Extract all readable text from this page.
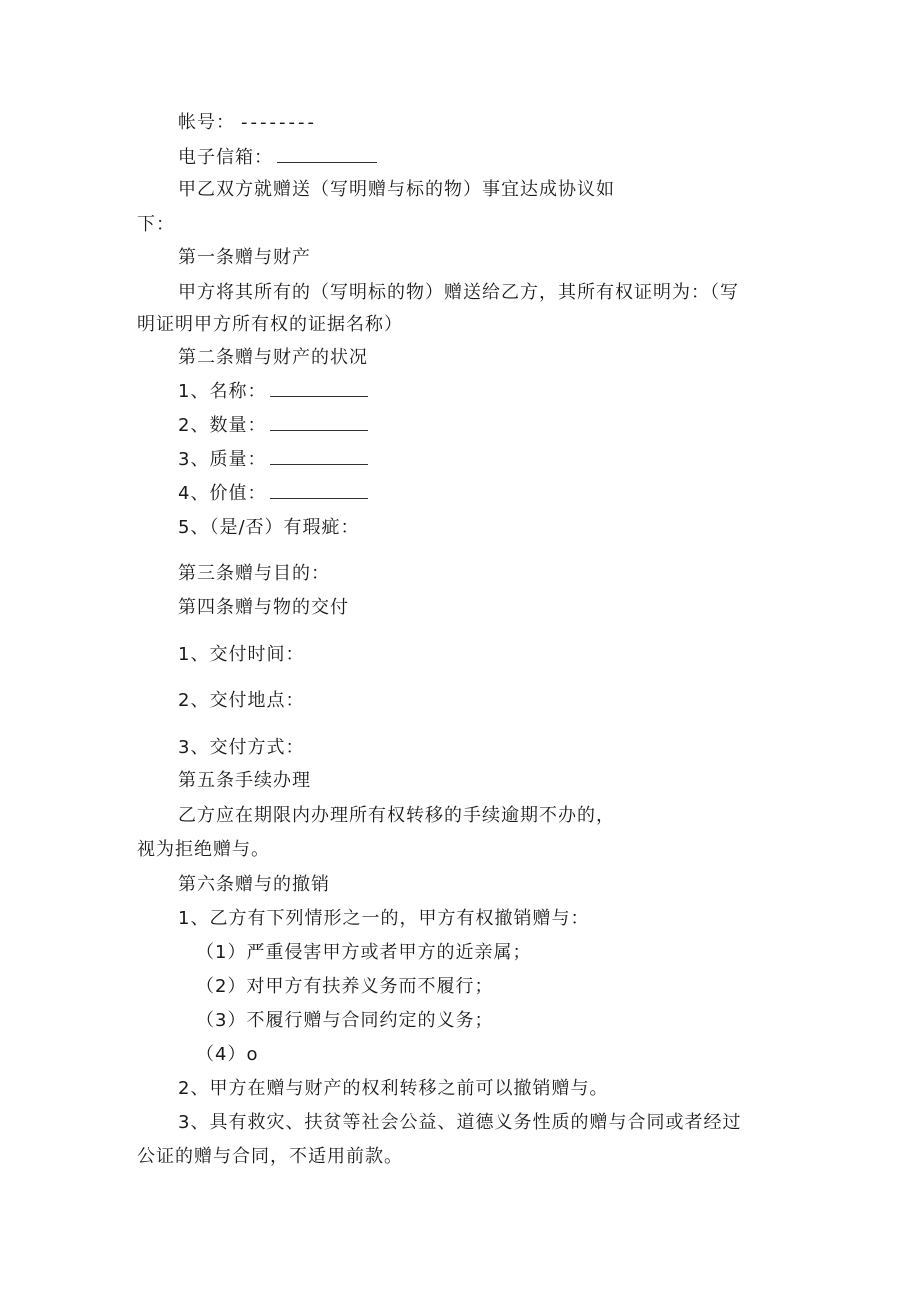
帐号： --------
电子信箱：
甲乙双方就赠送（写明赠与标的物）事宜达成协议如
下：
第一条赠与财产
甲方将其所有的（写明标的物）赠送给乙方，其所有权证明为：（写
明证明甲方所有权的证据名称）
第二条赠与财产的状况
1、名称：
2、数量：
3、质量：
4、价值：
5、（是/否）有瑕疵：
第三条赠与目的：
第四条赠与物的交付
1、交付时间：
2、交付地点：
3、交付方式：
第五条手续办理
乙方应在期限内办理所有权转移的手续逾期不办的，
视为拒绝赠与。
第六条赠与的撤销
1、乙方有下列情形之一的，甲方有权撤销赠与：
（1）严重侵害甲方或者甲方的近亲属；
（2）对甲方有扶养义务而不履行；
（3）不履行赠与合同约定的义务；
（4）o
2、甲方在赠与财产的权利转移之前可以撤销赠与。
3、具有救灾、扶贫等社会公益、道德义务性质的赠与合同或者经过
公证的赠与合同，不适用前款。
